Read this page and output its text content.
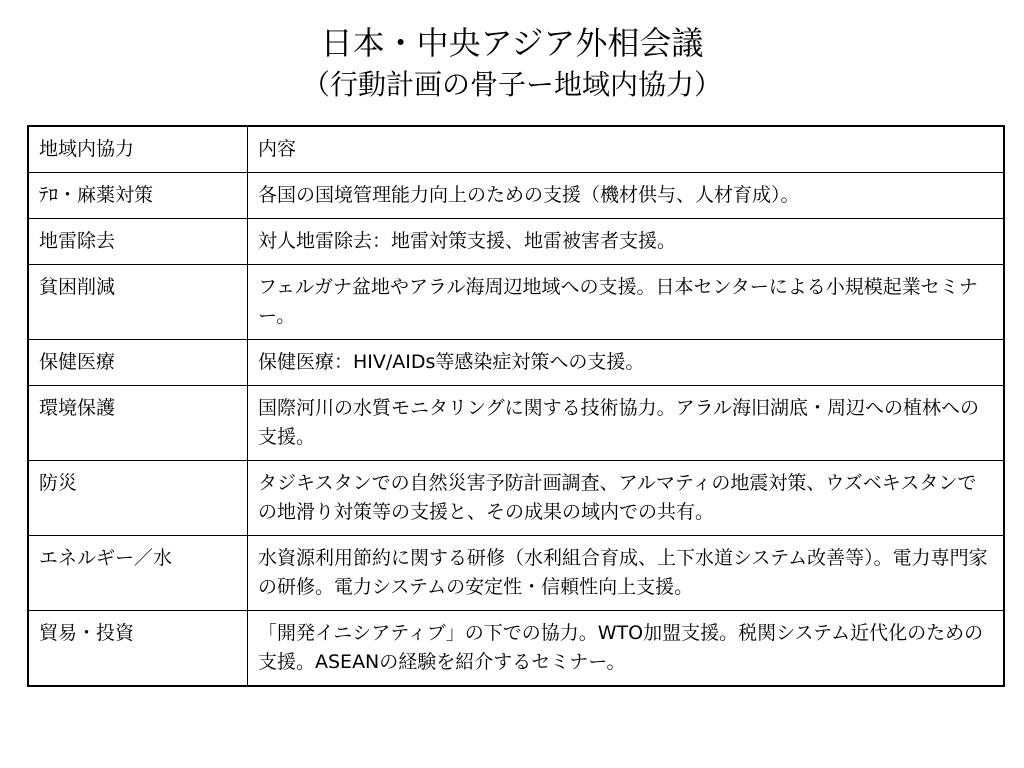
日本・中央アジア外相会議
（行動計画の骨子ー地域内協力）
地域内協力	内容
ﾃﾛ・麻薬対策	各国の国境管理能力向上のための支援（機材供与、人材育成）。
地雷除去	対人地雷除去：地雷対策支援、地雷被害者支援。
貧困削減	フェルガナ盆地やアラル海周辺地域への支援。日本センターによる小規模起業セミナー。
保健医療	保健医療：HIV/AIDs等感染症対策への支援。
環境保護	国際河川の水質モニタリングに関する技術協力。アラル海旧湖底・周辺への植林への支援。
防災	タジキスタンでの自然災害予防計画調査、アルマティの地震対策、ウズベキスタンでの地滑り対策等の支援と、その成果の域内での共有。
エネルギー／水	水資源利用節約に関する研修（水利組合育成、上下水道システム改善等）。電力専門家の研修。電力システムの安定性・信頼性向上支援。
貿易・投資	「開発イニシアティブ」の下での協力。WTO加盟支援。税関システム近代化のための支援。ASEANの経験を紹介するセミナー。
